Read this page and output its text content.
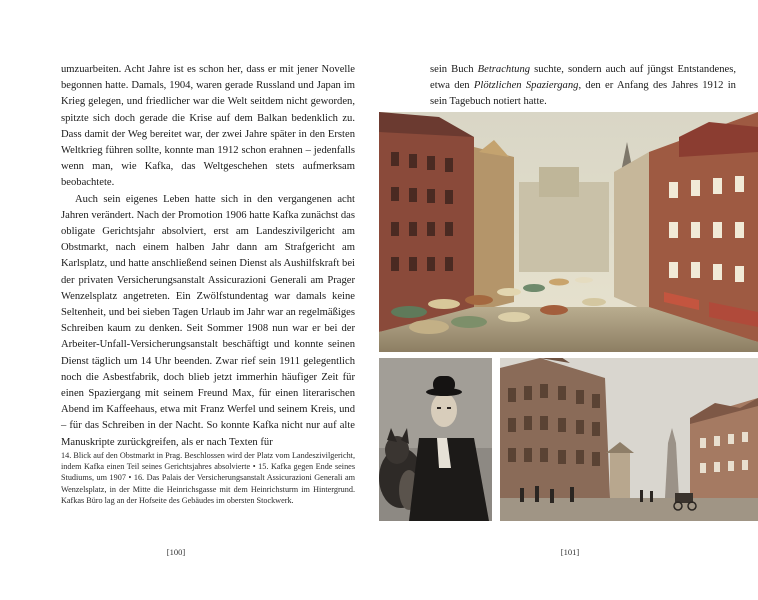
umzuarbeiten. Acht Jahre ist es schon her, dass er mit jener Novelle begonnen hatte. Damals, 1904, waren gerade Russland und Japan im Krieg gelegen, und friedlicher war die Welt seitdem nicht geworden, spitzte sich doch gerade die Krise auf dem Balkan bedenklich zu. Dass damit der Weg bereitet war, der zwei Jahre später in den Ersten Weltkrieg führen sollte, konnte man 1912 schon erahnen – jedenfalls wenn man, wie Kafka, das Weltgeschehen stets aufmerksam beobachtete.

Auch sein eigenes Leben hatte sich in den vergangenen acht Jahren verändert. Nach der Promotion 1906 hatte Kafka zunächst das obligate Gerichtsjahr absolviert, erst am Landeszivilgericht am Obstmarkt, nach einem halben Jahr dann am Strafgericht am Karlsplatz, und hatte anschließend seinen Dienst als Aushilfskraft bei der privaten Versicherungsanstalt Assicurazioni Generali am Prager Wenzelsplatz angetreten. Ein Zwölfstundentag war damals keine Seltenheit, und bei sieben Tagen Urlaub im Jahr war an regelmäßiges Schreiben kaum zu denken. Seit Sommer 1908 nun war er bei der Arbeiter-Unfall-Versicherungsanstalt beschäftigt und konnte seinen Dienst täglich um 14 Uhr beenden. Zwar rief sein 1911 gelegentlich noch die Asbestfabrik, doch blieb jetzt immerhin häufiger Zeit für einen Spaziergang mit seinem Freund Max, für einen literarischen Abend im Kaffeehaus, etwa mit Franz Werfel und seinem Kreis, und – für das Schreiben in der Nacht. So konnte Kafka nicht nur auf alte Manuskripte zurückgreifen, als er nach Texten für

14. Blick auf den Obstmarkt in Prag. Beschlossen wird der Platz vom Landeszivilgericht, indem Kafka einen Teil seines Gerichtsjahres absolvierte • 15. Kafka gegen Ende seines Studiums, um 1907 • 16. Das Palais der Versicherungsanstalt Assicurazioni Generali am Wenzelsplatz, in der Mitte die Heinrichsgasse mit dem Heinrichsturm im Hintergrund. Kafkas Büro lag an der Hofseite des Gebäudes im obersten Stockwerk.

[100]

sein Buch Betrachtung suchte, sondern auch auf jüngst Entstandenes, etwa den Plötzlichen Spaziergang, den er Anfang des Jahres 1912 in sein Tagebuch notiert hatte.

[101]
